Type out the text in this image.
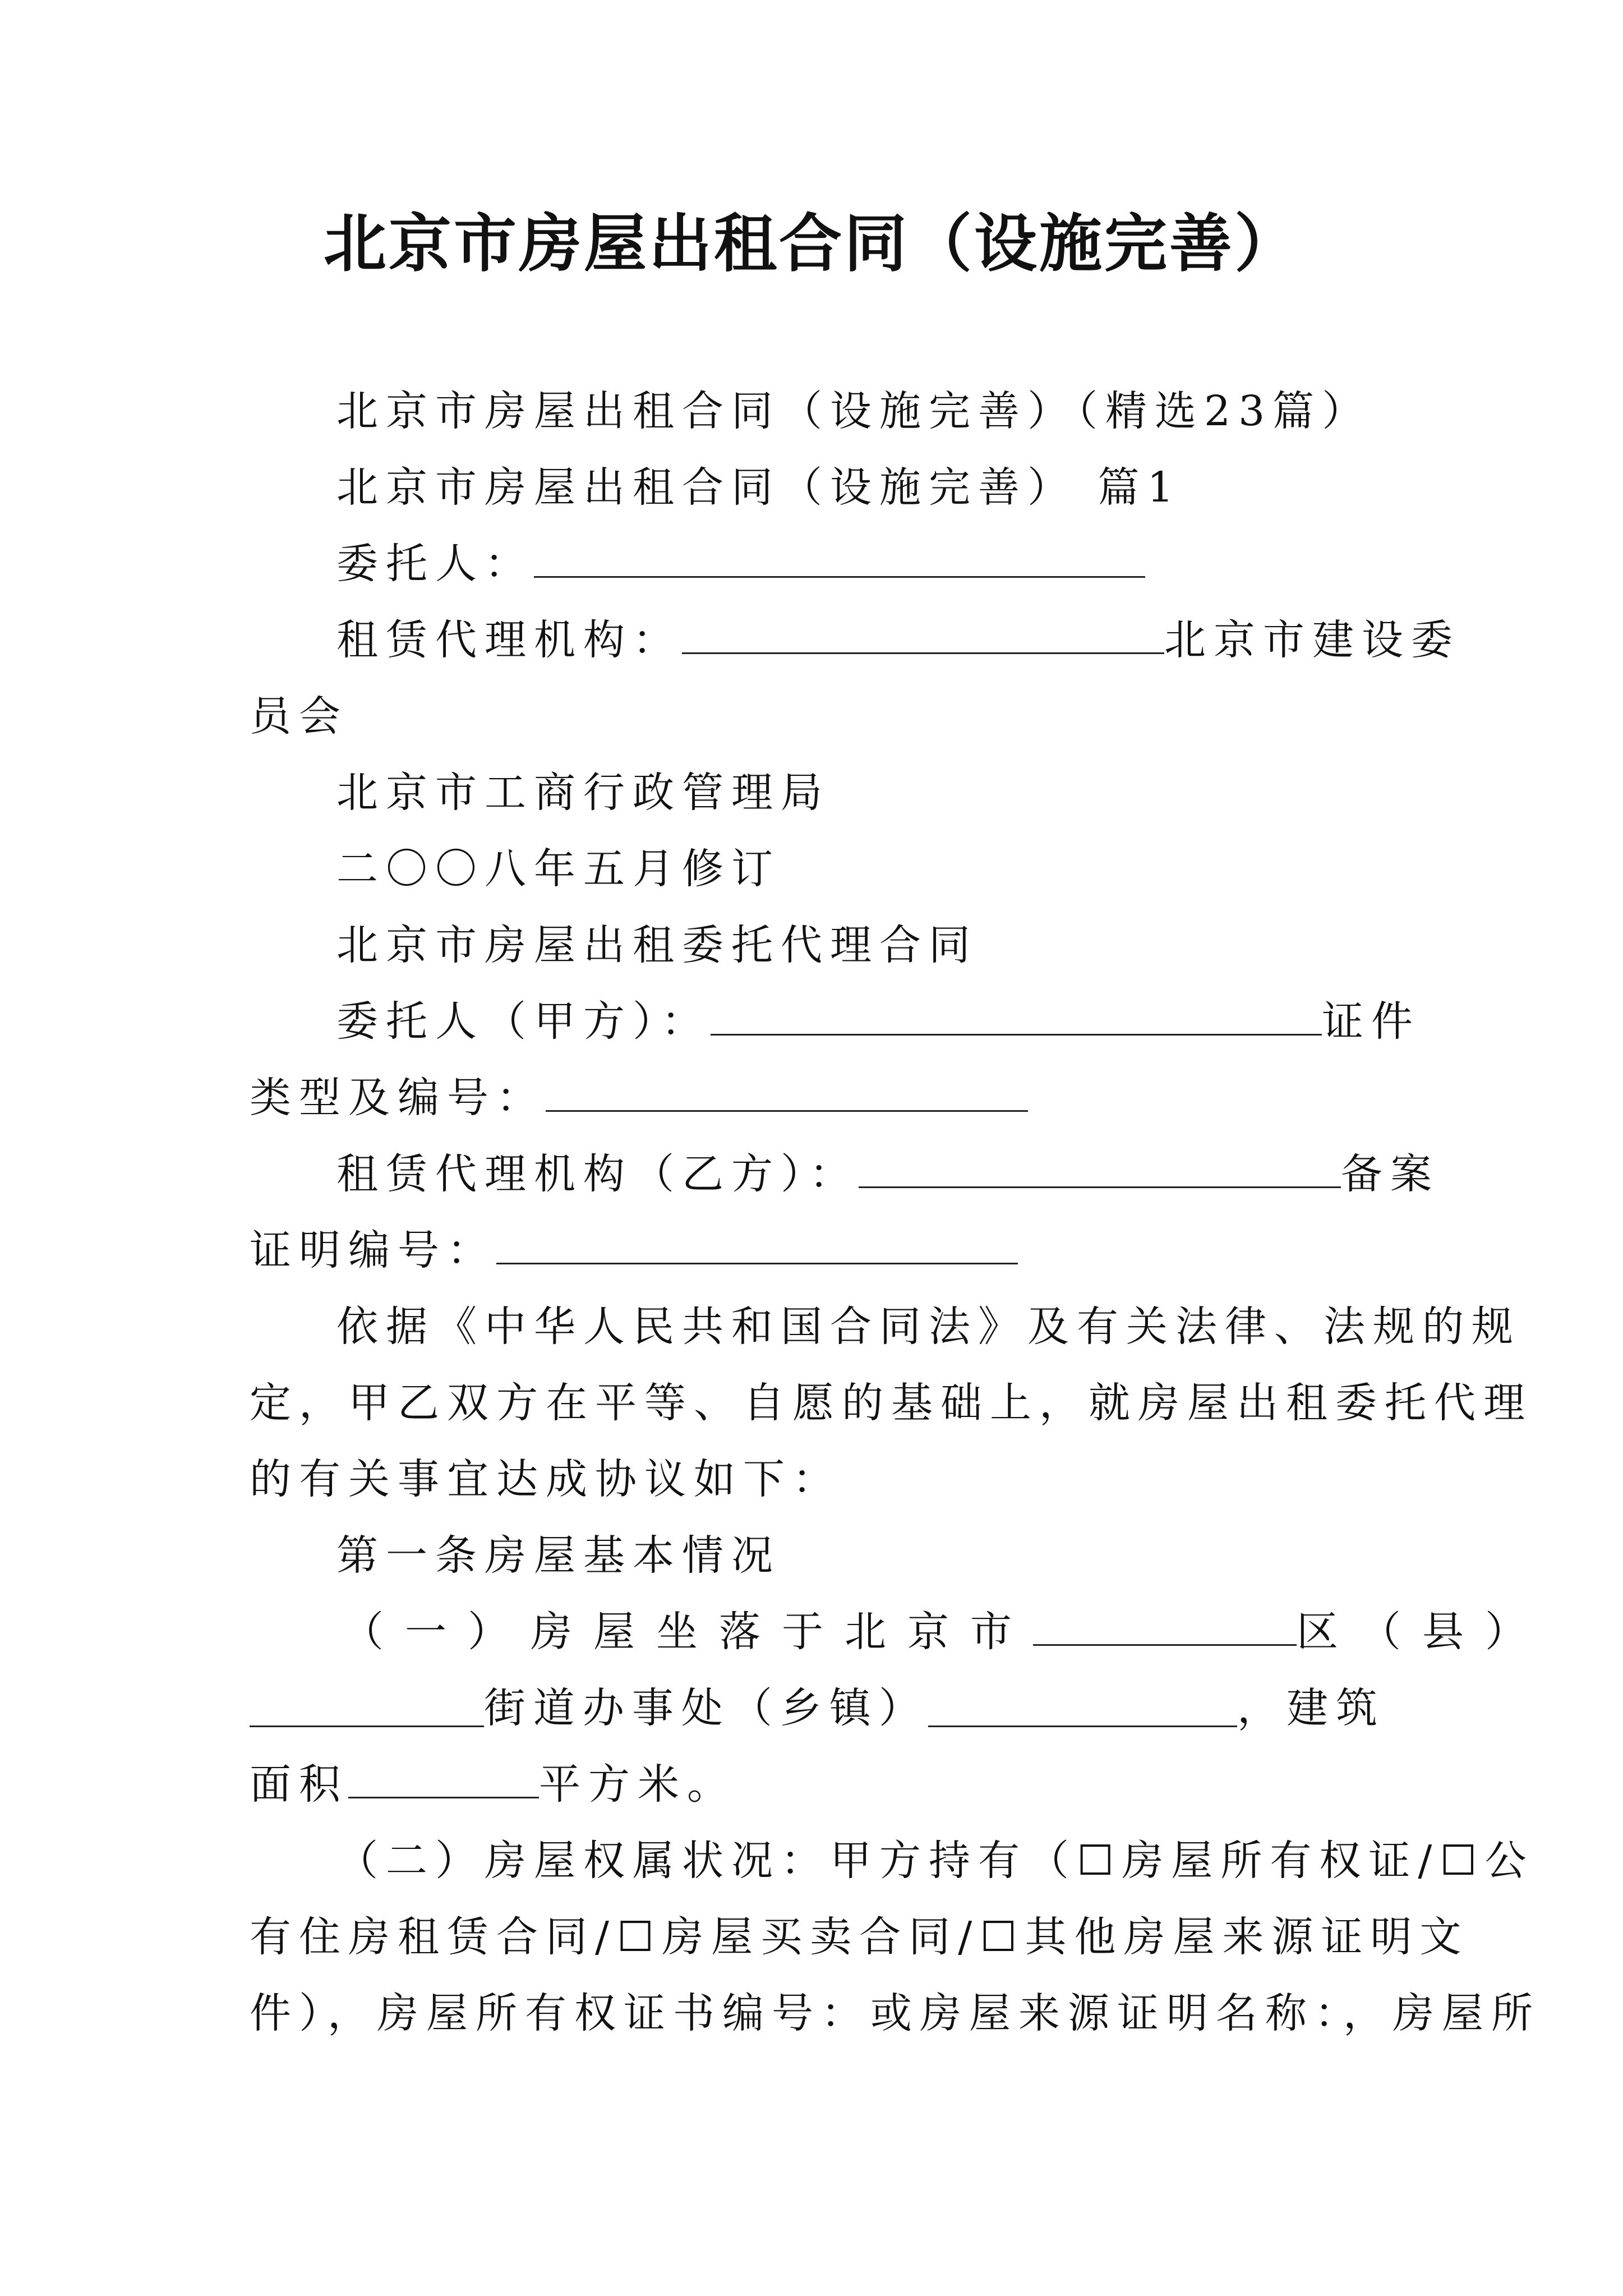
北京市房屋出租合同（设施完善）
北京市房屋出租合同（设施完善）（精选23篇）
北京市房屋出租合同（设施完善） 篇1
委托人：
租赁代理机构：	北京市建设委
员会
北京市工商行政管理局
二〇〇八年五月修订
北京市房屋出租委托代理合同
委托人（甲方）：	证件
类型及编号：
租赁代理机构（乙方）：	备案
证明编号：
依据《中华人民共和国合同法》及有关法律、法规的规
定，甲乙双方在平等、自愿的基础上，就房屋出租委托代理
的有关事宜达成协议如下：
第一条房屋基本情况
（一）房屋坐落于北京市	区（县）
街道办事处（乡镇）	，建筑
面积	平方米。
（二）房屋权属状况：甲方持有（☐房屋所有权证/☐公
有住房租赁合同/☐房屋买卖合同/☐其他房屋来源证明文
件），房屋所有权证书编号：或房屋来源证明名称：，房屋所
